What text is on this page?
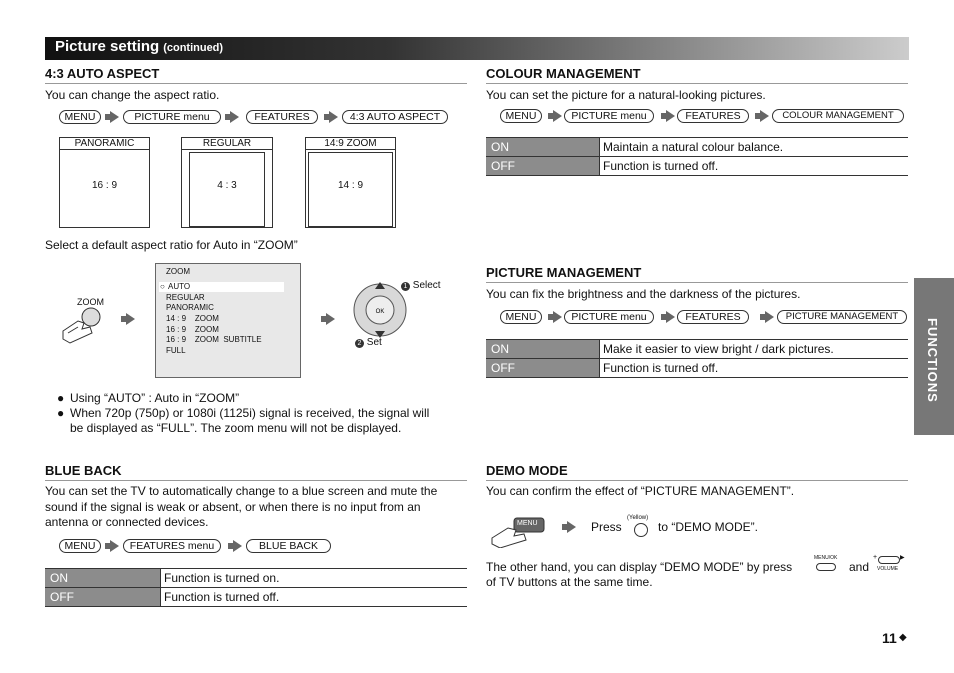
Picture setting (continued)
FUNCTIONS
4:3 AUTO ASPECT
You can change the aspect ratio.
MENU	PICTURE menu	FEATURES	4:3 AUTO ASPECT
PANORAMIC
16 : 9
REGULAR
4 : 3
14:9 ZOOM
14 : 9
Select a default aspect ratio for Auto in “ZOOM”
ZOOM
ZOOM
○ AUTO
REGULAR
PANORAMIC
14 : 9    ZOOM
16 : 9    ZOOM
16 : 9    ZOOM  SUBTITLE
FULL
OK
1 Select
2 Set
● Using “AUTO” : Auto in “ZOOM”
● When 720p (750p) or 1080i (1125i) signal is received, the signal will
be displayed as “FULL”. The zoom menu will not be displayed.
BLUE BACK
You can set the TV to automatically change to a blue screen and mute the
sound if the signal is weak or absent, or when there is no input from an
antenna or connected devices.
MENU	FEATURES menu	BLUE BACK
ON	Function is turned on.
OFF	Function is turned off.
COLOUR MANAGEMENT
You can set the picture for a natural-looking pictures.
MENU	PICTURE menu	FEATURES	COLOUR MANAGEMENT
ON	Maintain a natural colour balance.
OFF	Function is turned off.
PICTURE MANAGEMENT
You can fix the brightness and the darkness of the pictures.
MENU	PICTURE menu	FEATURES	PICTURE MANAGEMENT
ON	Make it easier to view bright / dark pictures.
OFF	Function is turned off.
DEMO MODE
You can confirm the effect of “PICTURE MANAGEMENT”.
MENU	Press
(Yellow)
to “DEMO MODE”.
The other hand, you can display “DEMO MODE” by press
MENU/OK
and
+	▶
VOLUME
of TV buttons at the same time.
11 ◆
